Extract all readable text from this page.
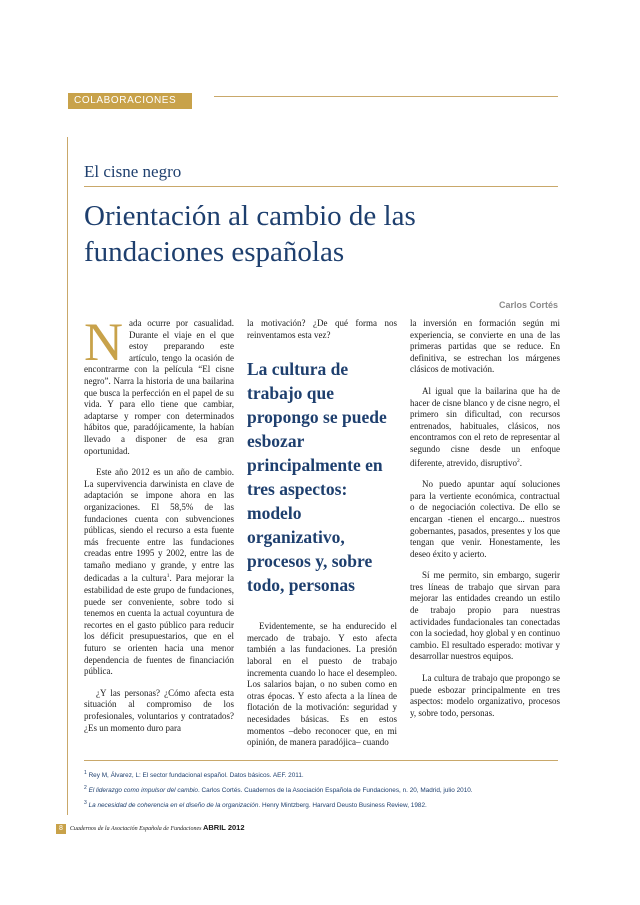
COLABORACIONES
El cisne negro
Orientación al cambio de las fundaciones españolas
Carlos Cortés

Nada ocurre por casualidad. Durante el viaje en el que estoy preparando este artículo, tengo la ocasión de encontrarme con la película “El cisne negro”. Narra la historia de una bailarina que busca la perfección en el papel de su vida. Y para ello tiene que cambiar, adaptarse y romper con determinados hábitos que, paradójicamente, la habían llevado a disponer de esa gran oportunidad.

Este año 2012 es un año de cambio. La supervivencia darwinista en clave de adaptación se impone ahora en las organizaciones. El 58,5% de las fundaciones cuenta con subvenciones públicas, siendo el recurso a esta fuente más frecuente entre las fundaciones creadas entre 1995 y 2002, entre las de tamaño mediano y grande, y entre las dedicadas a la cultura$^1$. Para mejorar la estabilidad de este grupo de fundaciones, puede ser conveniente, sobre todo si tenemos en cuenta la actual coyuntura de recortes en el gasto público para reducir los déficit presupuestarios, que en el futuro se orienten hacia una menor dependencia de fuentes de financiación pública.

¿Y las personas? ¿Cómo afecta esta situación al compromiso de los profesionales, voluntarios y contratados? ¿Es un momento duro para

la motivación? ¿De qué forma nos reinventamos esta vez?

La cultura de trabajo que propongo se puede esbozar principalmente en tres aspectos: modelo organizativo, procesos y, sobre todo, personas

Evidentemente, se ha endurecido el mercado de trabajo. Y esto afecta también a las fundaciones. La presión laboral en el puesto de trabajo incrementa cuando lo hace el desempleo. Los salarios bajan, o no suben como en otras épocas. Y esto afecta a la línea de flotación de la motivación: seguridad y necesidades básicas. Es en estos momentos –debo reconocer que, en mi opinión, de manera paradójica– cuando

la inversión en formación según mi experiencia, se convierte en una de las primeras partidas que se reduce. En definitiva, se estrechan los márgenes clásicos de motivación.

Al igual que la bailarina que ha de hacer de cisne blanco y de cisne negro, el primero sin dificultad, con recursos entrenados, habituales, clásicos, nos encontramos con el reto de representar al segundo cisne desde un enfoque diferente, atrevido, disruptivo$^2$.

No puedo apuntar aquí soluciones para la vertiente económica, contractual o de negociación colectiva. De ello se encargan -tienen el encargo... nuestros gobernantes, pasados, presentes y los que tengan que venir. Honestamente, les deseo éxito y acierto.

Sí me permito, sin embargo, sugerir tres líneas de trabajo que sirvan para mejorar las entidades creando un estilo de trabajo propio para nuestras actividades fundacionales tan conectadas con la sociedad, hoy global y en continuo cambio. El resultado esperado: motivar y desarrollar nuestros equipos.

La cultura de trabajo que propongo se puede esbozar principalmente en tres aspectos: modelo organizativo, procesos y, sobre todo, personas.

$^1$ Rey M, Álvarez, L: El sector fundacional español. Datos básicos. AEF. 2011.
$^2$ El liderazgo como impulsor del cambio. Carlos Cortés. Cuadernos de la Asociación Española de Fundaciones, n. 20, Madrid, julio 2010.
$^3$ La necesidad de coherencia en el diseño de la organización. Henry Mintzberg. Harvard Deusto Business Review, 1982.
8 Cuadernos de la Asociación Española de Fundaciones ABRIL 2012
